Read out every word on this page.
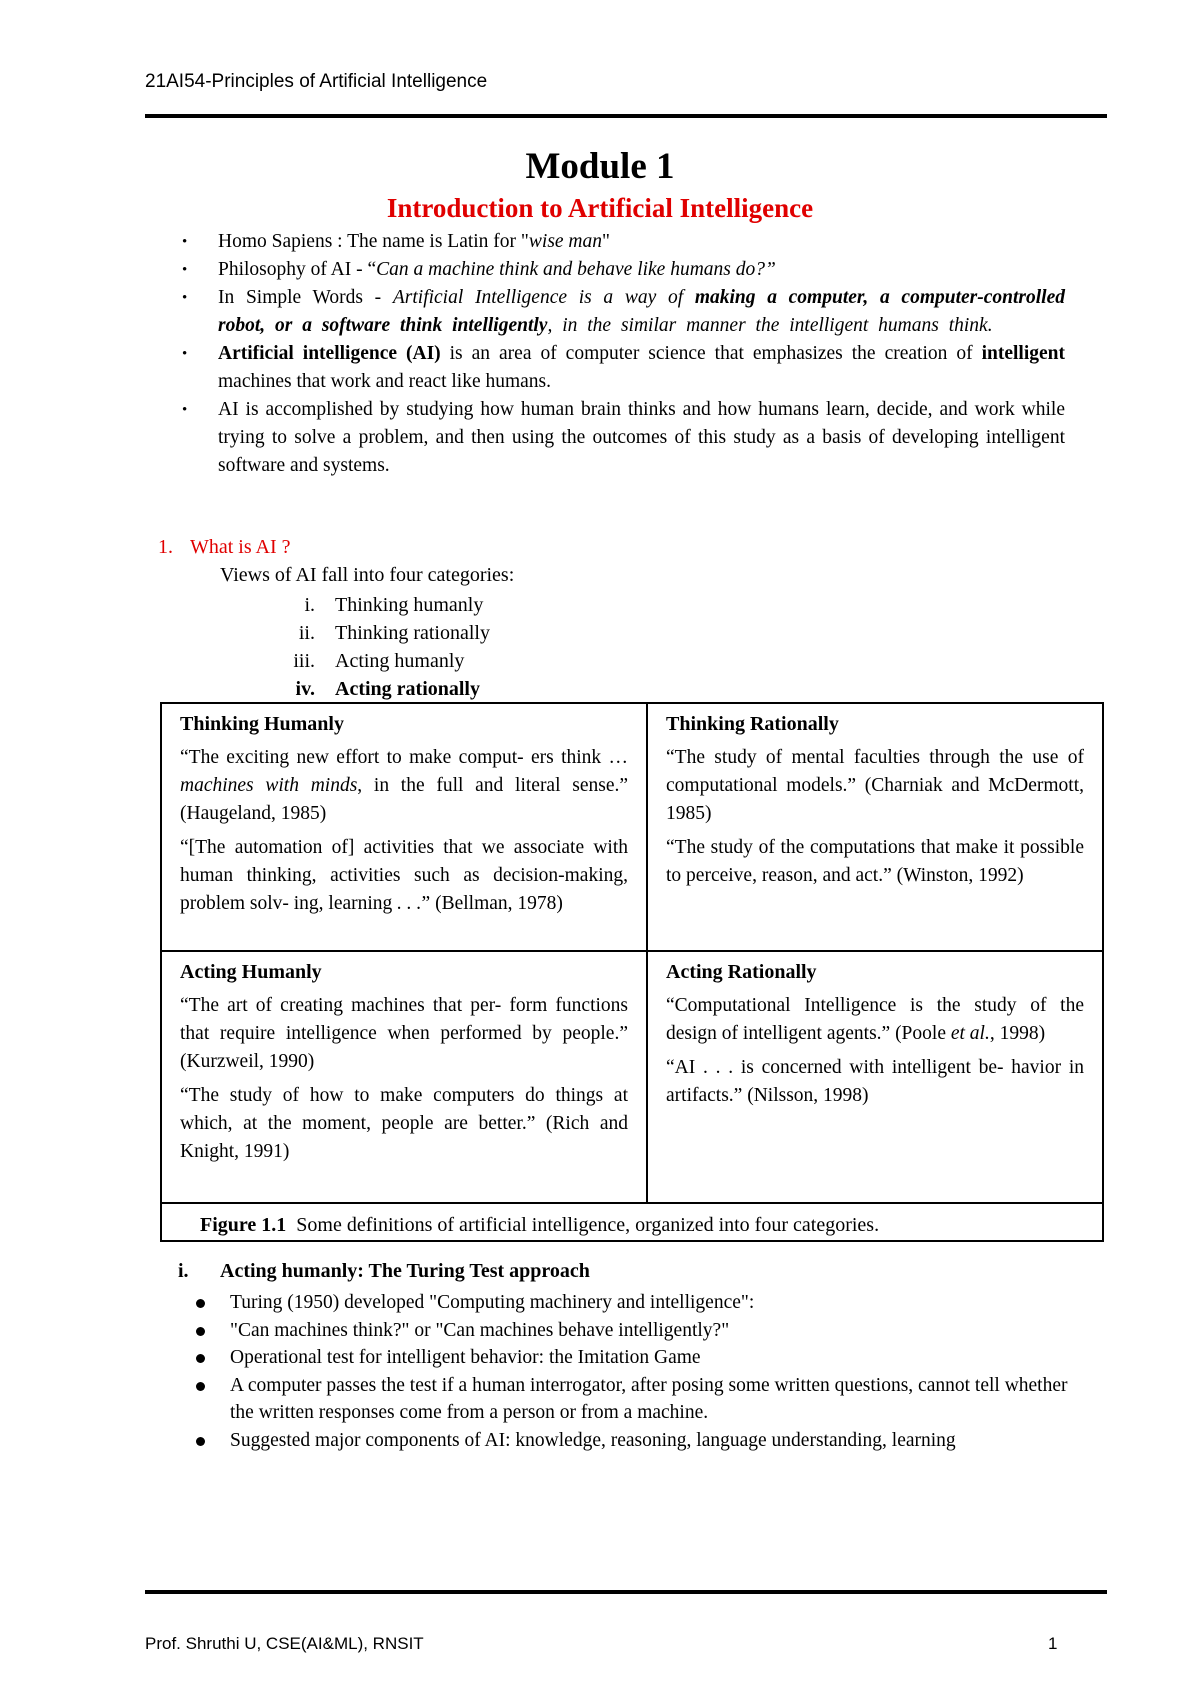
21AI54-Principles of Artificial Intelligence
Module 1
Introduction to Artificial Intelligence
• Homo Sapiens : The name is Latin for "wise man"

• Philosophy of AI - “Can a machine think and behave like humans do?”

• In Simple Words - Artificial Intelligence is a way of making a computer, a computer-controlled robot, or a software think intelligently, in the similar manner the intelligent humans think.

• Artificial intelligence (AI) is an area of computer science that emphasizes the creation of intelligent machines that work and react like humans.

• AI is accomplished by studying how human brain thinks and how humans learn, decide, and work while trying to solve a problem, and then using the outcomes of this study as a basis of developing intelligent software and systems.

1. What is AI ?
Views of AI fall into four categories:
i. Thinking humanly
ii. Thinking rationally
iii. Acting humanly
iv. Acting rationally
Thinking Humanly

“The exciting new effort to make comput- ers think … machines with minds, in the full and literal sense.” (Haugeland, 1985)

“[The automation of] activities that we associate with human thinking, activities such as decision-making, problem solv- ing, learning . . .” (Bellman, 1978)

Thinking Rationally

“The study of mental faculties through the use of computational models.” (Charniak and McDermott, 1985)

“The study of the computations that make it possible to perceive, reason, and act.” (Winston, 1992)

Acting Humanly

“The art of creating machines that per- form functions that require intelligence when performed by people.” (Kurzweil, 1990)

“The study of how to make computers do things at which, at the moment, people are better.” (Rich and Knight, 1991)

Acting Rationally

“Computational Intelligence is the study of the design of intelligent agents.” (Poole et al., 1998)

“AI . . . is concerned with intelligent be- havior in artifacts.” (Nilsson, 1998)

Figure 1.1 Some definitions of artificial intelligence, organized into four categories.
i. Acting humanly: The Turing Test approach

Turing (1950) developed "Computing machinery and intelligence":

"Can machines think?" or "Can machines behave intelligently?"

Operational test for intelligent behavior: the Imitation Game

A computer passes the test if a human interrogator, after posing some written questions, cannot tell whether the written responses come from a person or from a machine.

Suggested major components of AI: knowledge, reasoning, language understanding, learning

Prof. Shruthi U, CSE(AI&ML), RNSIT	1
